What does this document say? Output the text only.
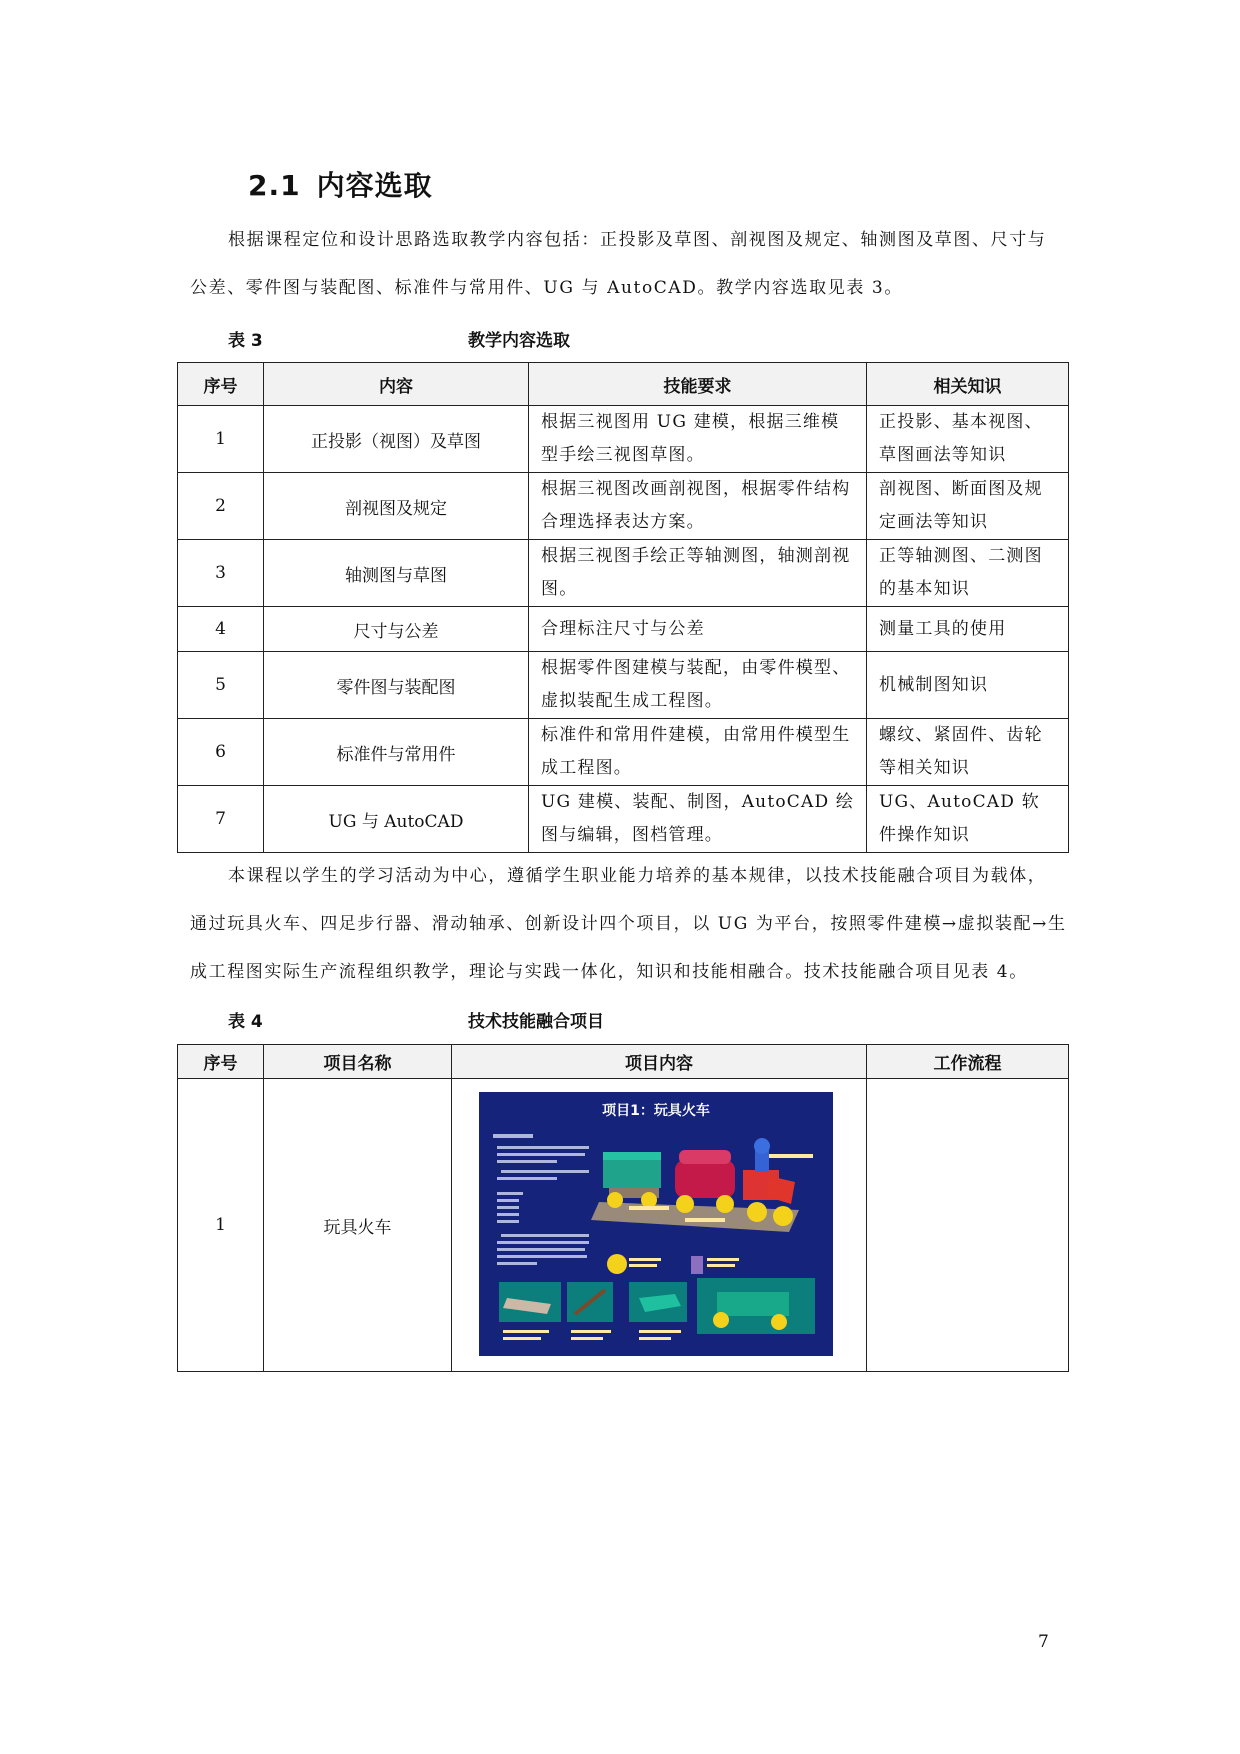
2.1 内容选取
根据课程定位和设计思路选取教学内容包括：正投影及草图、剖视图及规定、轴测图及草图、尺寸与
公差、零件图与装配图、标准件与常用件、UG 与 AutoCAD。教学内容选取见表 3。
表 3	教学内容选取
序号	内容	技能要求	相关知识
1	正投影（视图）及草图	根据三视图用 UG 建模，根据三维模型手绘三视图草图。	正投影、基本视图、草图画法等知识
2	剖视图及规定	根据三视图改画剖视图，根据零件结构合理选择表达方案。	剖视图、断面图及规定画法等知识
3	轴测图与草图	根据三视图手绘正等轴测图，轴测剖视图。	正等轴测图、二测图的基本知识
4	尺寸与公差	合理标注尺寸与公差	测量工具的使用
5	零件图与装配图	根据零件图建模与装配，由零件模型、虚拟装配生成工程图。	机械制图知识
6	标准件与常用件	标准件和常用件建模，由常用件模型生成工程图。	螺纹、紧固件、齿轮等相关知识
7	UG 与 AutoCAD	UG 建模、装配、制图，AutoCAD 绘图与编辑，图档管理。	UG、AutoCAD 软件操作知识
本课程以学生的学习活动为中心，遵循学生职业能力培养的基本规律，以技术技能融合项目为载体，
通过玩具火车、四足步行器、滑动轴承、创新设计四个项目，以 UG 为平台，按照零件建模→虚拟装配→生
成工程图实际生产流程组织教学，理论与实践一体化，知识和技能相融合。技术技能融合项目见表 4。
表 4	技术技能融合项目
序号	项目名称	项目内容	工作流程
1	玩具火车	项目1：玩具火车	

7
